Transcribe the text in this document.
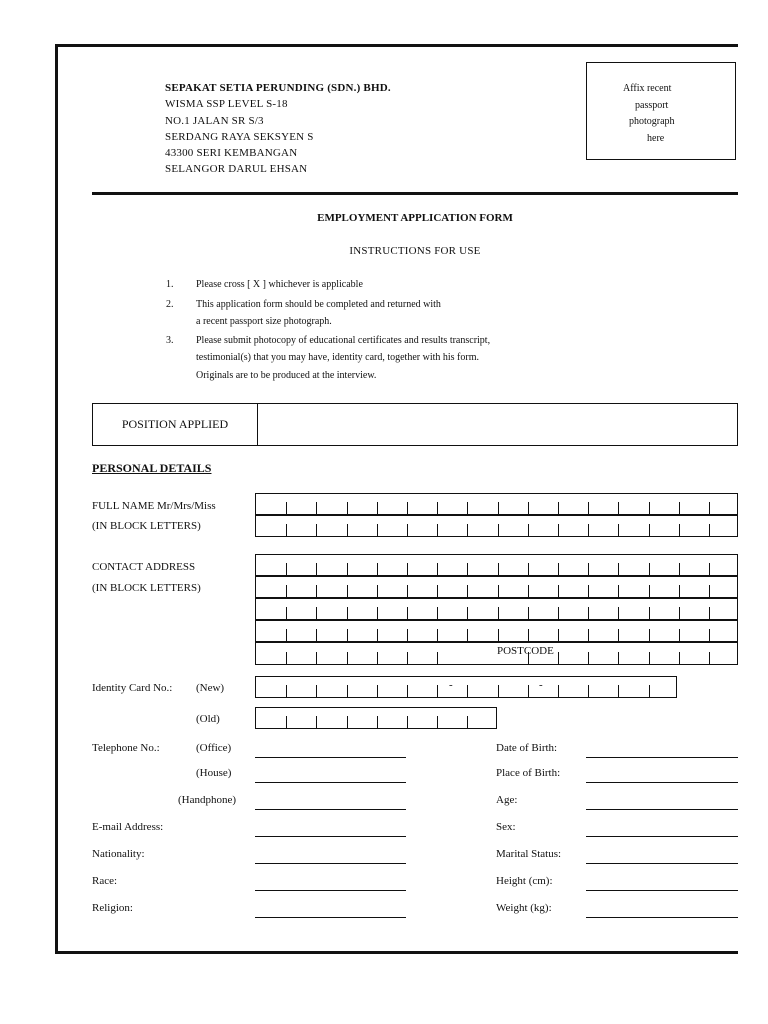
SEPAKAT SETIA PERUNDING (SDN.) BHD.
WISMA SSP LEVEL S-18
NO.1 JALAN SR S/3
SERDANG RAYA SEKSYEN S
43300 SERI KEMBANGAN
SELANGOR DARUL EHSAN
Affix recent
passport
photograph
here
EMPLOYMENT APPLICATION FORM
INSTRUCTIONS FOR USE
1. Please cross [ X ] whichever is applicable
2. This application form should be completed and returned with
a recent passport size photograph.
3. Please submit photocopy of educational certificates and results transcript,
testimonial(s) that you may have, identity card, together with his form.
Originals are to be produced at the interview.
POSITION APPLIED
PERSONAL DETAILS
FULL NAME Mr/Mrs/Miss
(IN BLOCK LETTERS)
CONTACT ADDRESS
(IN BLOCK LETTERS)
POSTCODE
Identity Card No.: (New)	-	-
(Old)
Telephone No.:	(Office)
(House)
(Handphone)
E-mail Address:
Nationality:
Race:
Religion:
Date of Birth:
Place of Birth:
Age:
Sex:
Marital Status:
Height (cm):
Weight (kg):
